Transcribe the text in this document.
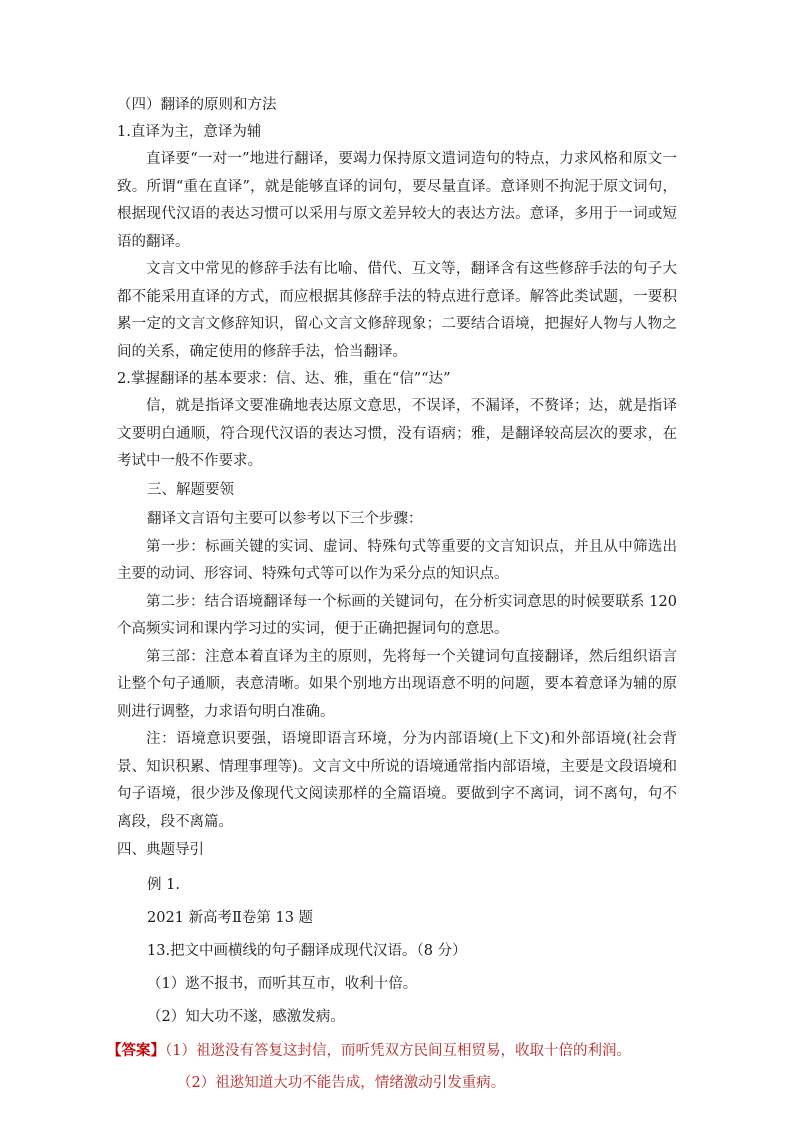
（四）翻译的原则和方法
1.直译为主，意译为辅

直译要“一对一”地进行翻译，要竭力保持原文遣词造句的特点，力求风格和原文一致。所谓“重在直译”，就是能够直译的词句，要尽量直译。意译则不拘泥于原文词句，根据现代汉语的表达习惯可以采用与原文差异较大的表达方法。意译，多用于一词或短语的翻译。

文言文中常见的修辞手法有比喻、借代、互文等，翻译含有这些修辞手法的句子大都不能采用直译的方式，而应根据其修辞手法的特点进行意译。解答此类试题，一要积累一定的文言文修辞知识，留心文言文修辞现象；二要结合语境，把握好人物与人物之间的关系，确定使用的修辞手法，恰当翻译。

2.掌握翻译的基本要求：信、达、雅，重在“信”“达”

信，就是指译文要准确地表达原文意思，不误译，不漏译，不赘译；达，就是指译文要明白通顺，符合现代汉语的表达习惯，没有语病；雅，是翻译较高层次的要求，在考试中一般不作要求。

三、解题要领
翻译文言语句主要可以参考以下三个步骤：

第一步：标画关键的实词、虚词、特殊句式等重要的文言知识点，并且从中筛选出主要的动词、形容词、特殊句式等可以作为采分点的知识点。

第二步：结合语境翻译每一个标画的关键词句，在分析实词意思的时候要联系 120 个高频实词和课内学习过的实词，便于正确把握词句的意思。

第三部：注意本着直译为主的原则，先将每一个关键词句直接翻译，然后组织语言让整个句子通顺，表意清晰。如果个别地方出现语意不明的问题，要本着意译为辅的原则进行调整，力求语句明白准确。

注：语境意识要强，语境即语言环境，分为内部语境(上下文)和外部语境(社会背景、知识积累、情理事理等)。文言文中所说的语境通常指内部语境，主要是文段语境和句子语境，很少涉及像现代文阅读那样的全篇语境。要做到字不离词，词不离句，句不离段，段不离篇。

四、典题导引
例 1.
2021 新高考Ⅱ卷第 13 题
13.把文中画横线的句子翻译成现代汉语。（8 分）
（1）逖不报书，而听其互市，收利十倍。
（2）知大功不遂，感激发病。
【答案】（1）祖逖没有答复这封信，而听凭双方民间互相贸易，收取十倍的利润。
（2）祖逖知道大功不能告成，情绪激动引发重病。
